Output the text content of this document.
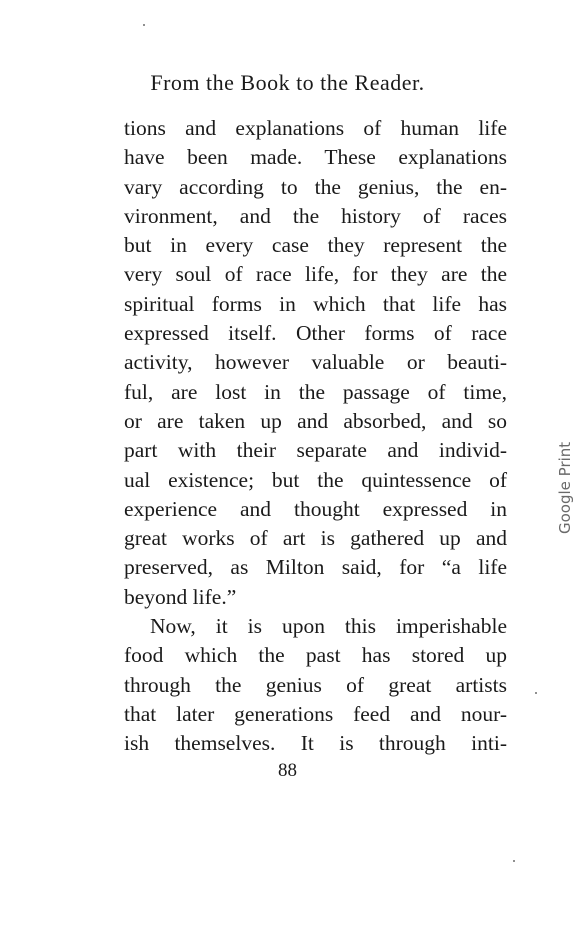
From the Book to the Reader.
tions and explanations of human life
have been made. These explanations
vary according to the genius, the en-
vironment, and the history of races
but in every case they represent the
very soul of race life, for they are the
spiritual forms in which that life has
expressed itself. Other forms of race
activity, however valuable or beauti-
ful, are lost in the passage of time,
or are taken up and absorbed, and so
part with their separate and individ-
ual existence; but the quintessence of
experience and thought expressed in
great works of art is gathered up and
preserved, as Milton said, for “a life
beyond life.”
Now, it is upon this imperishable
food which the past has stored up
through the genius of great artists
that later generations feed and nour-
ish themselves. It is through inti-
88
Google Print
